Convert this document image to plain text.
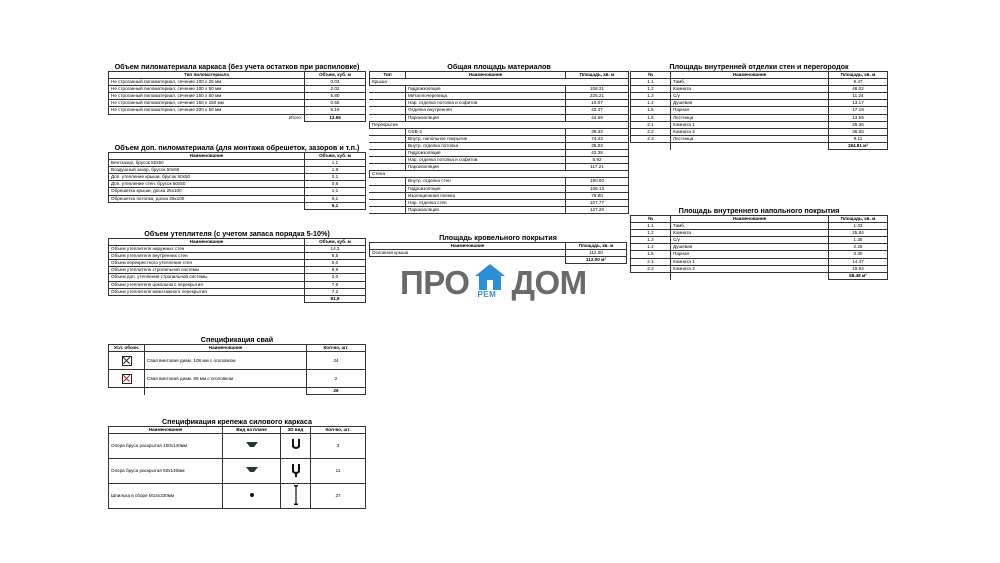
Объем пиломатериала каркаса (без учета остатков при распиловке)
Тип пиломатериала	Объем, куб. м
Не строганный пиломатериал, сечение 100 x 25 мм	0.03
Не строганный пиломатериал, сечение 100 x 50 мм	2.02
Не строганный пиломатериал, сечение 150 x 50 мм	5.80
Не строганный пиломатериал, сечение 150 x 150 мм	0.55
Не строганный пиломатериал, сечение 200 x 50 мм	5.16
Итого:	13.56
Объем доп. пиломатериала (для монтажа обрешеток, зазоров и т.п.)
Наименование	Объем, куб. м
Вентзазор, брусок 50x50	1,1
Воздушный зазор, брусок 50x50	1,9
Доп. утепление крыши, брусок 50x50	0,1
Доп. утепление стен, брусок 50x50	0,6
Обрешетка крыши, доска 25x100	1,1
Обрешетка потолка, доска 25x100	0,1
	5,1
Объем утеплителя (с учетом запаса порядка 5-10%)
Наименование	Объем, куб. м
Объем утеплителя наружных стен	14,3
Объем утеплителя внутренних стен	8,5
Объем перекрестного утепления стен	5,0
Объем утеплителя стропильной системы	8,9
Объем доп. утепления стропильной системы	2,0
Объем утеплителя цокольного перекрытия	7,6
Объем утеплителя межэтажного перекрытия	7,2
	81,9
Спецификация свай
Усл. обозн.	Наименование	Кол-во, шт.
	Свая винтовая диам. 108 мм с оголовком	24
	Свая винтовая диам. 89 мм с оголовком	2
		26
Спецификация крепежа силового каркаса
Наименование	Вид на плане	3D вид	Кол-во, шт.
Опора бруса раскрытая 100x140мм			3
Опора бруса раскрытая 50x140мм			11
Шпилька в сборе M14x330мм			27
Общая площадь материалов
Тип	Наименование	Площадь, кв. м
Крыша		
	Гидроизоляция	108.31
	Металлочерепица	225.21
	Нар. отделка потолка и софитов	10.07
	Отделка внутренняя	42.47
	Пароизоляция	44.69
Перекрытие		
	OSB-3	39.33
	Внутр. напольное покрытие	74.43
	Внутр. отделка потолка	35.83
	Гидроизоляция	42.38
	Нар. отделка потолка и софитов	5.92
	Пароизоляция	117.21
Стена		
	Внутр. отделка стен	190.60
	Гидроизоляция	108.13
	Изоляционная пленка	79.80
	Нар. отделка стен	107.77
	Пароизоляция	127.20
Площадь кровельного покрытия
Наименование	Площадь, кв. м
Основная крыша	112.00
	112.00 м²
ПРО РЕМ ДОМ
Площадь внутренней отделки стен и перегородок
№	Наименование	Площадь, кв. м
1.1	Тамб.	9.47
1.2	Комната	48.02
1.3	С/у	11.24
1.4	Душевая	13.17
1.5	Парная	17.19
1.6	Лестница	13.59
2.1	Комната 1	26.36
2.2	Комната 2	36.65
2.3	Лестница	9.11
		184.81 м²
Площадь внутреннего напольного покрытия
№	Наименование	Площадь, кв. м
1.1	Тамб.	1.43
1.2	Комната	25.84
1.3	С/у	1.35
1.4	Душевая	2.25
1.5	Парная	3.30
2.1	Комната 1	14.47
2.2	Комната 2	19.84
		68.48 м²
